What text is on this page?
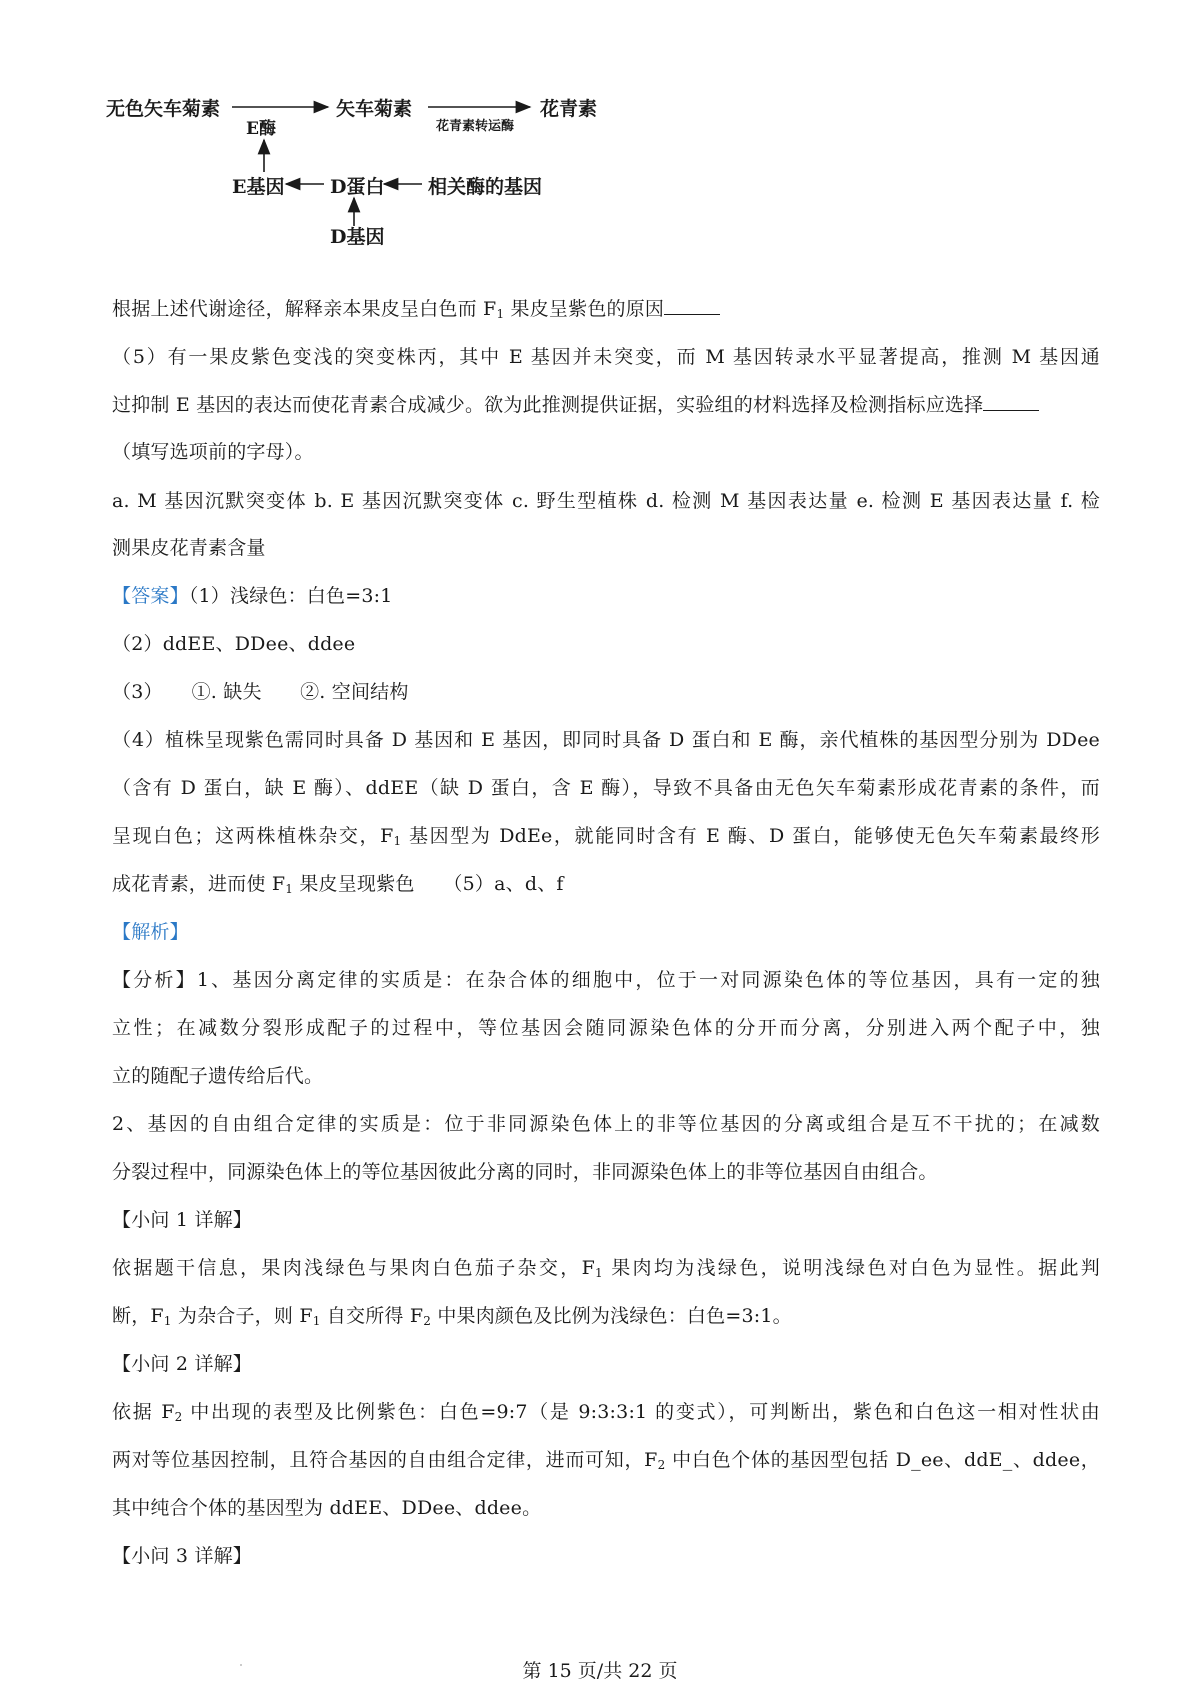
无色矢车菊素	矢车菊素	花青素
E酶	花青素转运酶
E基因 D蛋白 相关酶的基因
D基因
根据上述代谢途径，解释亲本果皮呈白色而 $F_1$ 果皮呈紫色的原因
（5）有一果皮紫色变浅的突变株丙，其中 E 基因并未突变，而 M 基因转录水平显著提高，推测 M 基因通
过抑制 E 基因的表达而使花青素合成减少。欲为此推测提供证据，实验组的材料选择及检测指标应选择
（填写选项前的字母）。
a. M 基因沉默突变体 b. E 基因沉默突变体 c. 野生型植株 d. 检测 M 基因表达量 e. 检测 E 基因表达量 f. 检
测果皮花青素含量
【答案】（1）浅绿色：白色=3:1
（2）ddEE、DDee、ddee
（3）　　①. 缺失　　②. 空间结构
（4）植株呈现紫色需同时具备 D 基因和 E 基因，即同时具备 D 蛋白和 E 酶，亲代植株的基因型分别为 DDee
（含有 D 蛋白，缺 E 酶）、ddEE（缺 D 蛋白，含 E 酶），导致不具备由无色矢车菊素形成花青素的条件，而
呈现白色；这两株植株杂交，$F_1$ 基因型为 DdEe，就能同时含有 E 酶、D 蛋白，能够使无色矢车菊素最终形
成花青素，进而使 $F_1$ 果皮呈现紫色　　（5）a、d、f
【解析】
【分析】1、基因分离定律的实质是：在杂合体的细胞中，位于一对同源染色体的等位基因，具有一定的独
立性；在减数分裂形成配子的过程中，等位基因会随同源染色体的分开而分离，分别进入两个配子中，独
立的随配子遗传给后代。
2、基因的自由组合定律的实质是：位于非同源染色体上的非等位基因的分离或组合是互不干扰的；在减数
分裂过程中，同源染色体上的等位基因彼此分离的同时，非同源染色体上的非等位基因自由组合。
【小问 1 详解】
依据题干信息，果肉浅绿色与果肉白色茄子杂交，$F_1$ 果肉均为浅绿色，说明浅绿色对白色为显性。据此判
断，$F_1$ 为杂合子，则 $F_1$ 自交所得 $F_2$ 中果肉颜色及比例为浅绿色：白色=3:1。
【小问 2 详解】
依据 $F_2$ 中出现的表型及比例紫色：白色=9:7（是 9:3:3:1 的变式），可判断出，紫色和白色这一相对性状由
两对等位基因控制，且符合基因的自由组合定律，进而可知，$F_2$ 中白色个体的基因型包括 D_ee、ddE_、ddee，
其中纯合个体的基因型为 ddEE、DDee、ddee。
【小问 3 详解】
第 15 页/共 22 页
